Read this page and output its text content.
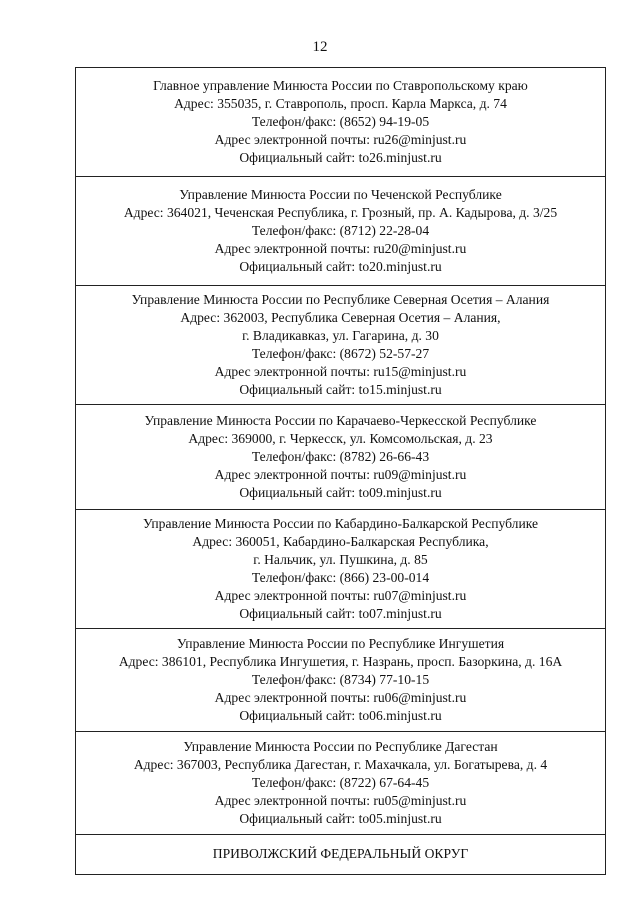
12
Главное управление Минюста России по Ставропольскому краю
Адрес: 355035, г. Ставрополь, просп. Карла Маркса, д. 74
Телефон/факс: (8652) 94-19-05
Адрес электронной почты: ru26@minjust.ru
Официальный сайт: to26.minjust.ru
Управление Минюста России по Чеченской Республике
Адрес: 364021, Чеченская Республика, г. Грозный, пр. А. Кадырова, д. 3/25
Телефон/факс: (8712) 22-28-04
Адрес электронной почты: ru20@minjust.ru
Официальный сайт: to20.minjust.ru
Управление Минюста России по Республике Северная Осетия – Алания
Адрес: 362003, Республика Северная Осетия – Алания,
г. Владикавказ, ул. Гагарина, д. 30
Телефон/факс: (8672) 52-57-27
Адрес электронной почты: ru15@minjust.ru
Официальный сайт: to15.minjust.ru
Управление Минюста России по Карачаево-Черкесской Республике
Адрес: 369000, г. Черкесск, ул. Комсомольская, д. 23
Телефон/факс: (8782) 26-66-43
Адрес электронной почты: ru09@minjust.ru
Официальный сайт: to09.minjust.ru
Управление Минюста России по Кабардино-Балкарской Республике
Адрес: 360051, Кабардино-Балкарская Республика,
г. Нальчик, ул. Пушкина, д. 85
Телефон/факс: (866) 23-00-014
Адрес электронной почты: ru07@minjust.ru
Официальный сайт: to07.minjust.ru
Управление Минюста России по Республике Ингушетия
Адрес: 386101, Республика Ингушетия, г. Назрань, просп. Базоркина, д. 16А
Телефон/факс: (8734) 77-10-15
Адрес электронной почты: ru06@minjust.ru
Официальный сайт: to06.minjust.ru
Управление Минюста России по Республике Дагестан
Адрес: 367003, Республика Дагестан, г. Махачкала, ул. Богатырева, д. 4
Телефон/факс: (8722) 67-64-45
Адрес электронной почты: ru05@minjust.ru
Официальный сайт: to05.minjust.ru
ПРИВОЛЖСКИЙ ФЕДЕРАЛЬНЫЙ ОКРУГ
